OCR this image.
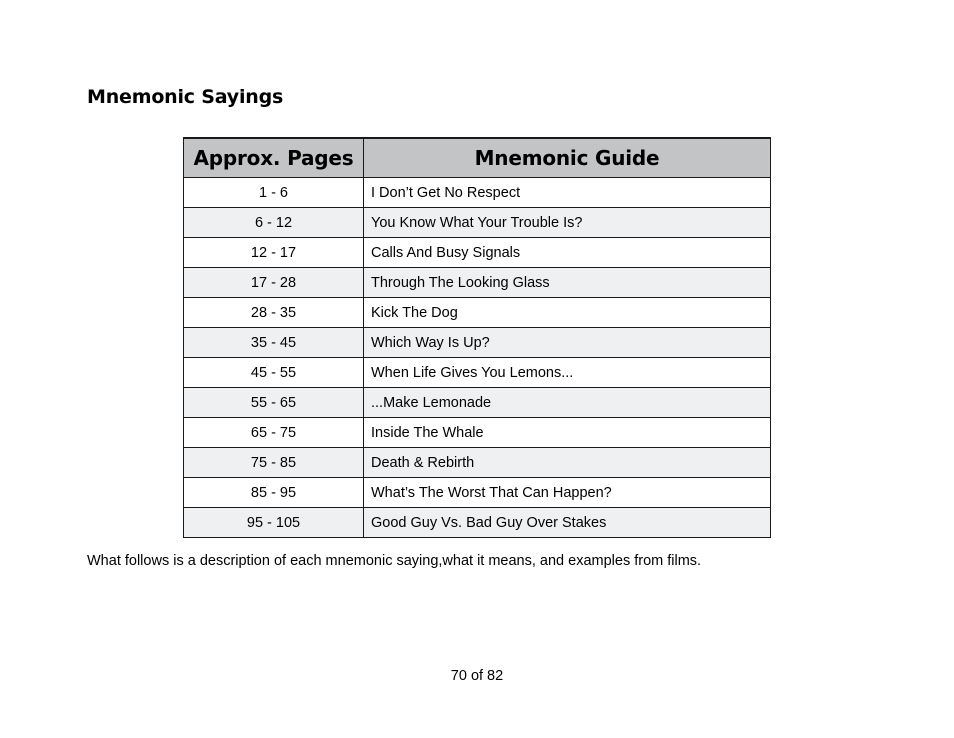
Mnemonic Sayings
Approx. Pages	Mnemonic Guide
1 - 6	I Don’t Get No Respect
6 - 12	You Know What Your Trouble Is?
12 - 17	Calls And Busy Signals
17 - 28	Through The Looking Glass
28 - 35	Kick The Dog
35 - 45	Which Way Is Up?
45 - 55	When Life Gives You Lemons...
55 - 65	...Make Lemonade
65 - 75	Inside The Whale
75 - 85	Death & Rebirth
85 - 95	What’s The Worst That Can Happen?
95 - 105	Good Guy Vs. Bad Guy Over Stakes

What follows is a description of each mnemonic saying,what it means, and examples from films.

70 of 82
